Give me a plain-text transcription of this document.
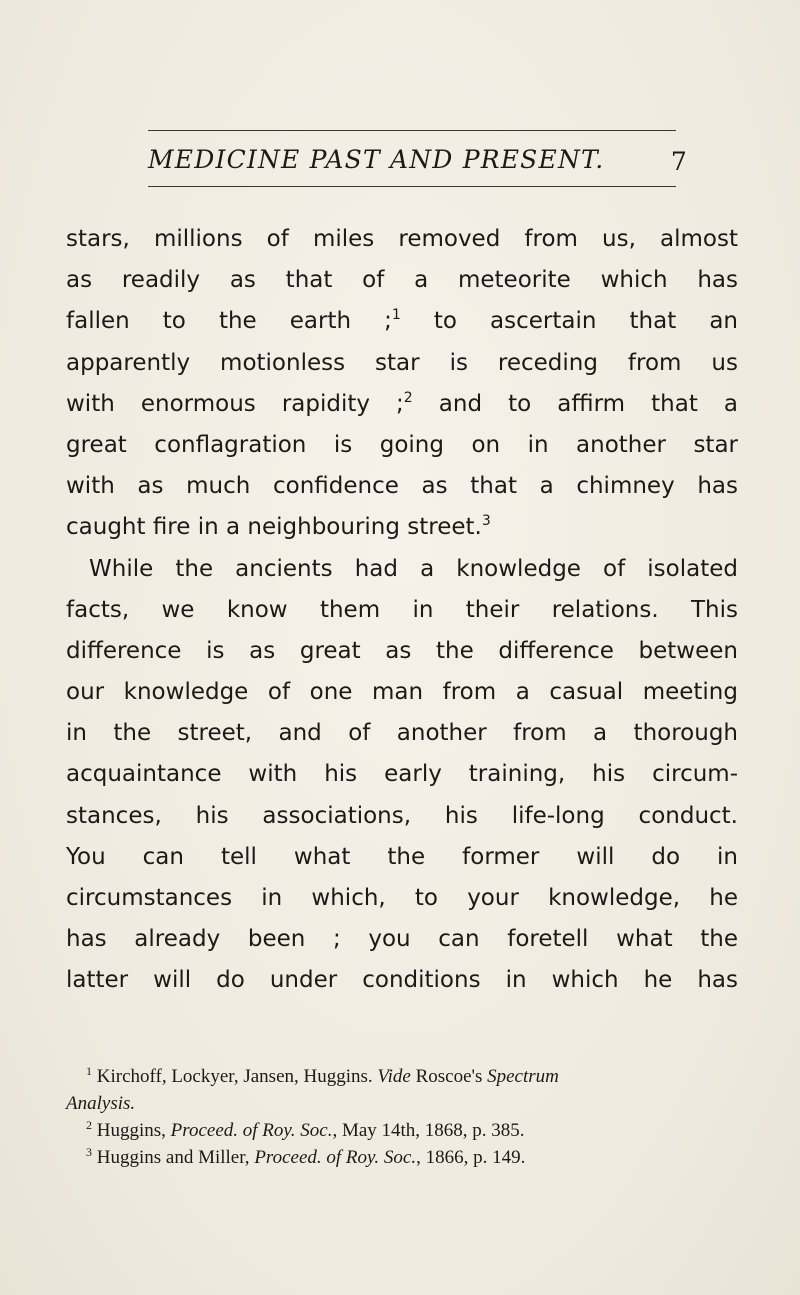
MEDICINE PAST AND PRESENT.	7
stars, millions of miles removed from us, almost
as readily as that of a meteorite which has
fallen to the earth ;$^1$ to ascertain that an
apparently motionless star is receding from us
with enormous rapidity ;$^2$ and to affirm that a
great conflagration is going on in another star
with as much confidence as that a chimney has
caught fire in a neighbouring street.$^3$
While the ancients had a knowledge of isolated
facts, we know them in their relations. This
difference is as great as the difference between
our knowledge of one man from a casual meeting
in the street, and of another from a thorough
acquaintance with his early training, his circum-
stances, his associations, his life-long conduct.
You can tell what the former will do in
circumstances in which, to your knowledge, he
has already been ; you can foretell what the
latter will do under conditions in which he has
$^1$ Kirchoff, Lockyer, Jansen, Huggins. Vide Roscoe's Spectrum
Analysis.
$^2$ Huggins, Proceed. of Roy. Soc., May 14th, 1868, p. 385.
$^3$ Huggins and Miller, Proceed. of Roy. Soc., 1866, p. 149.
